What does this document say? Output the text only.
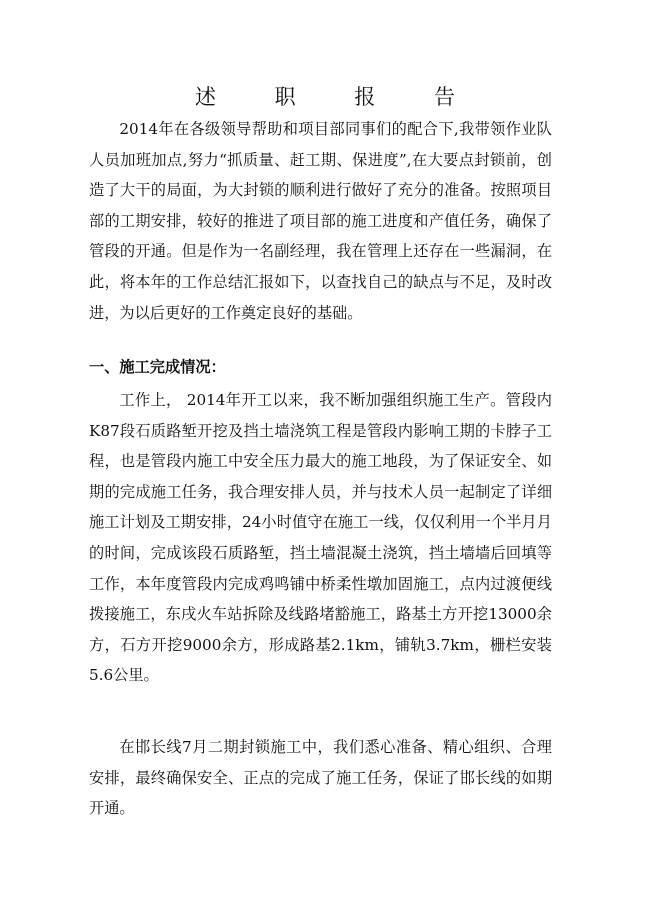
述 职 报 告
2014年在各级领导帮助和项目部同事们的配合下,我带领作业队人员加班加点,努力“抓质量、赶工期、保进度”,在大要点封锁前，创造了大干的局面，为大封锁的顺利进行做好了充分的准备。按照项目部的工期安排，较好的推进了项目部的施工进度和产值任务，确保了管段的开通。但是作为一名副经理，我在管理上还存在一些漏洞，在此，将本年的工作总结汇报如下，以查找自己的缺点与不足，及时改进，为以后更好的工作奠定良好的基础。
一、施工完成情况：
工作上， 2014年开工以来，我不断加强组织施工生产。管段内K87段石质路堑开挖及挡土墙浇筑工程是管段内影响工期的卡脖子工程，也是管段内施工中安全压力最大的施工地段，为了保证安全、如期的完成施工任务，我合理安排人员，并与技术人员一起制定了详细施工计划及工期安排，24小时值守在施工一线，仅仅利用一个半月月的时间，完成该段石质路堑，挡土墙混凝土浇筑，挡土墙墙后回填等工作，本年度管段内完成鸡鸣铺中桥柔性墩加固施工，点内过渡便线拨接施工，东戌火车站拆除及线路堵豁施工，路基土方开挖13000余方，石方开挖9000余方，形成路基2.1km，铺轨3.7km，栅栏安装5.6公里。
在邯长线7月二期封锁施工中，我们悉心准备、精心组织、合理安排，最终确保安全、正点的完成了施工任务，保证了邯长线的如期开通。
